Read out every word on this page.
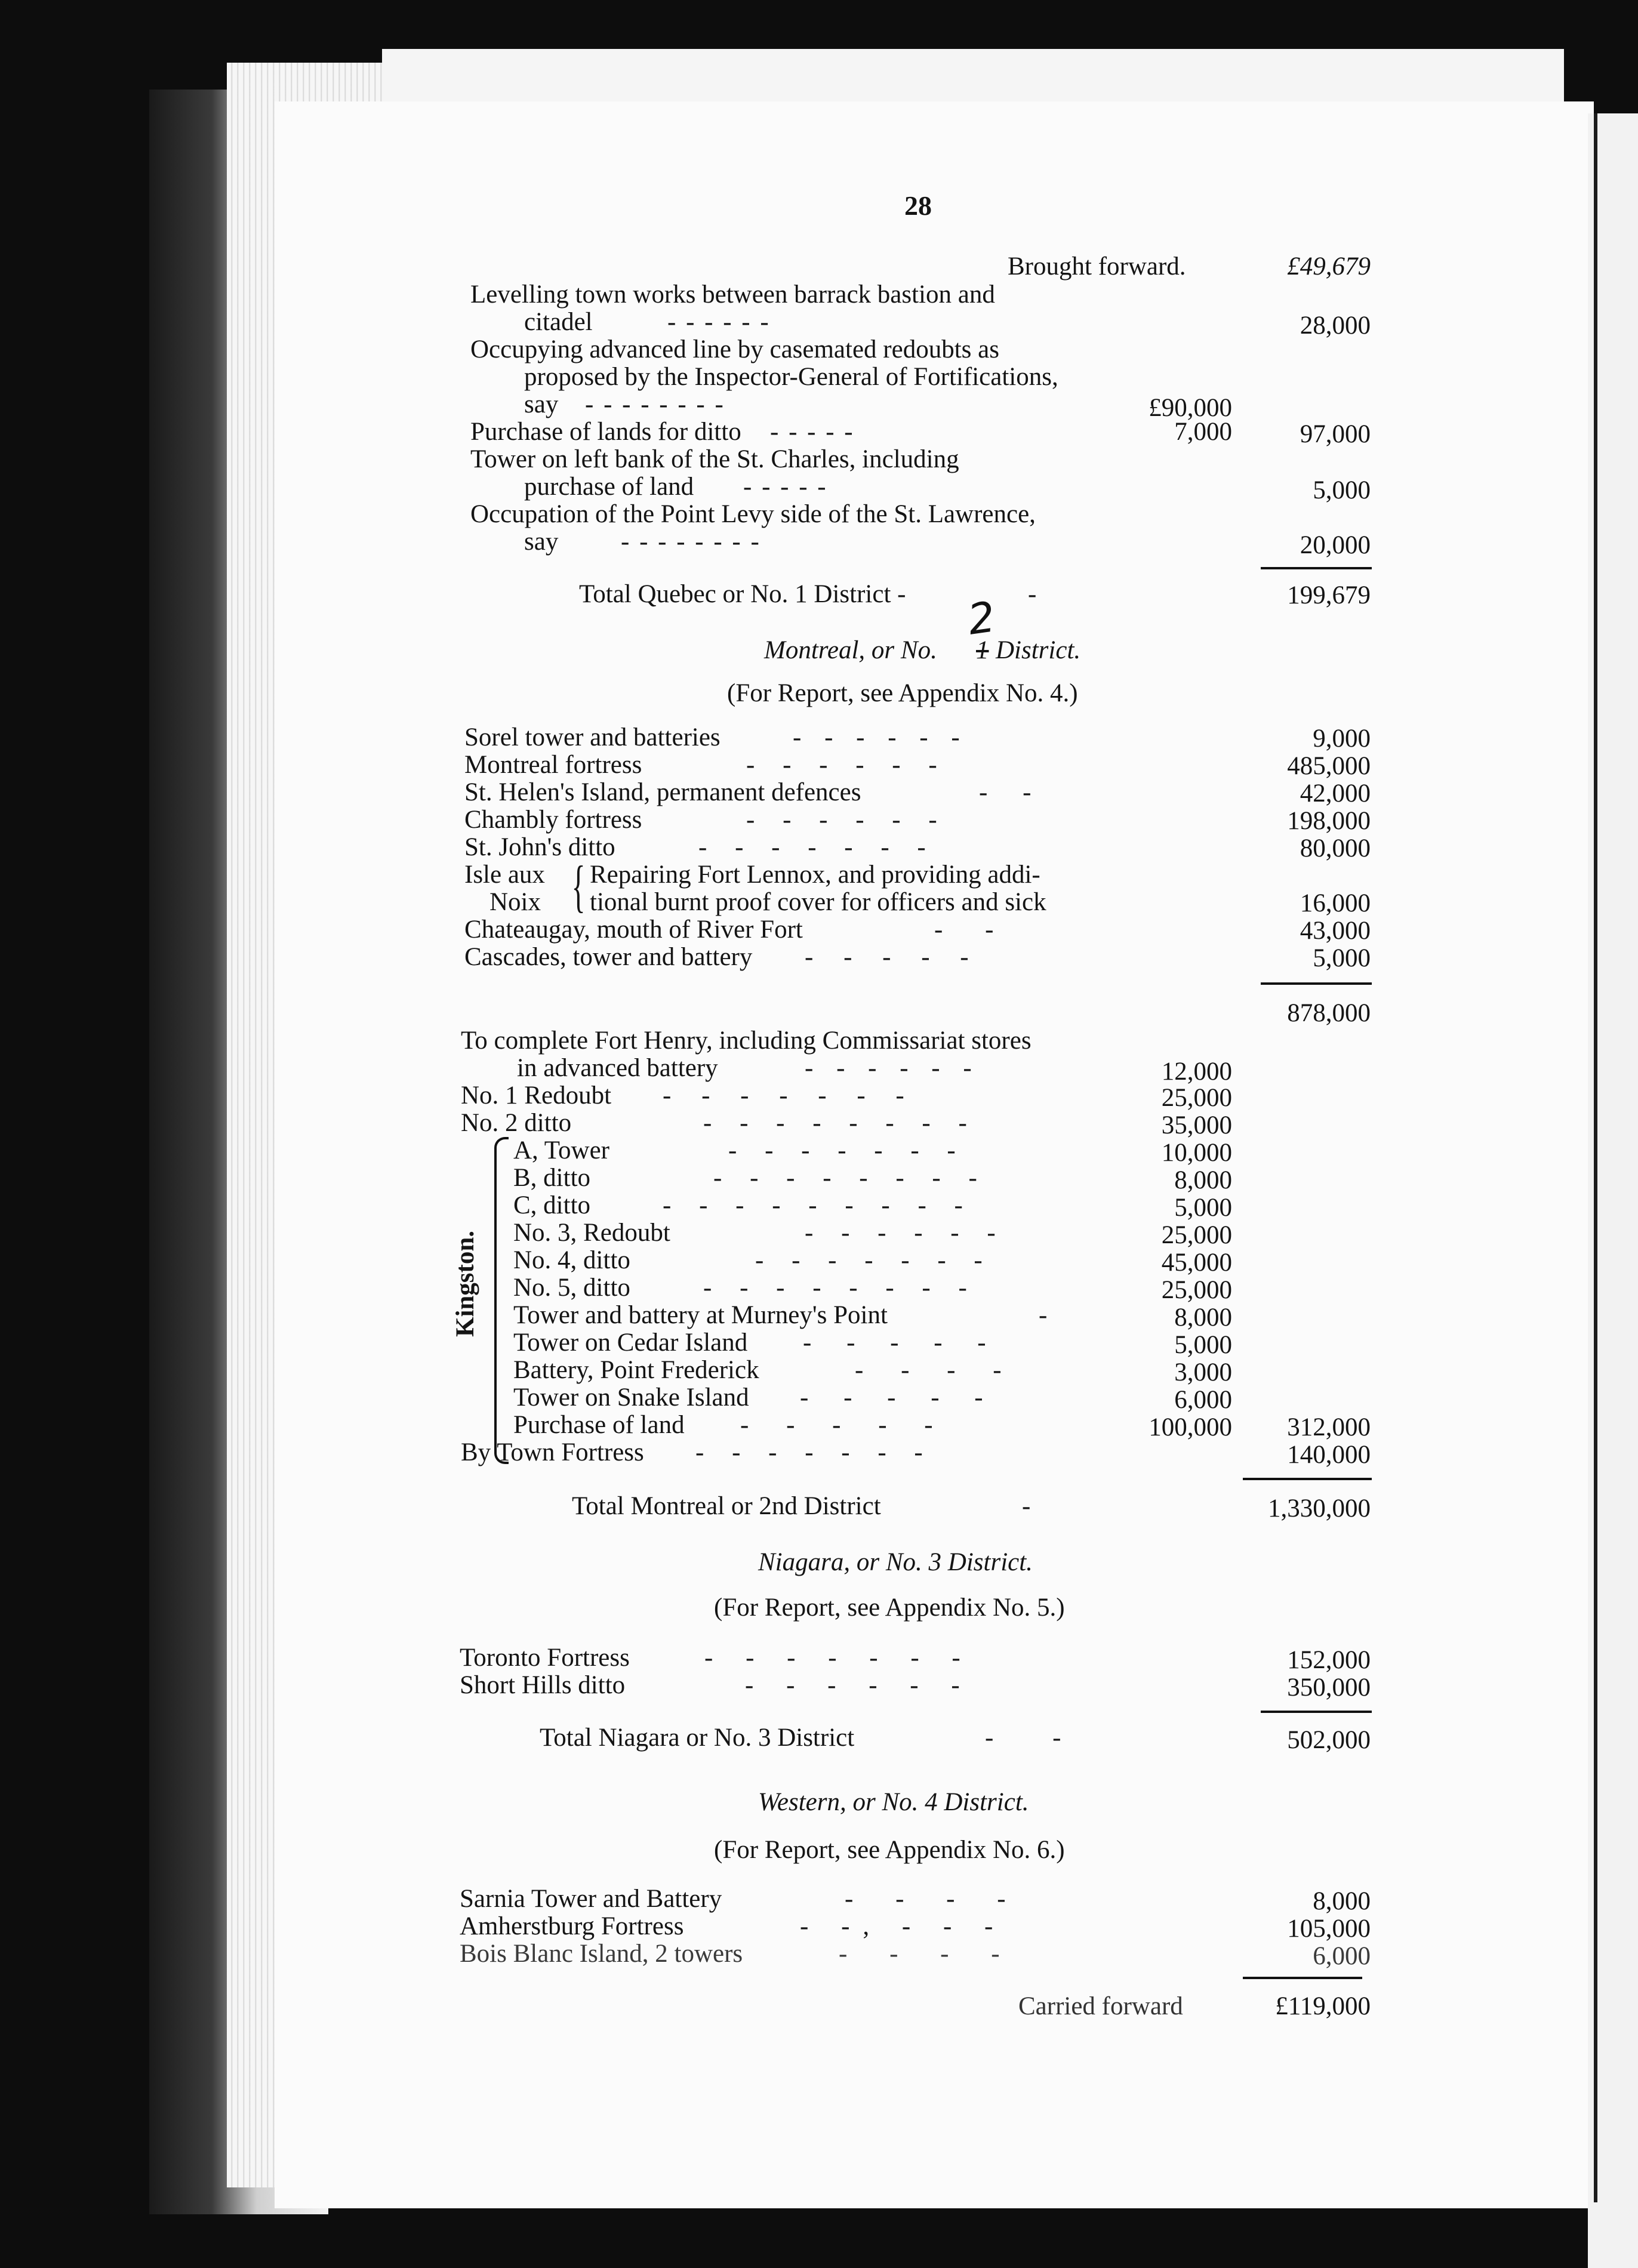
28
Brought forward.	£49,679
Levelling town works between barrack bastion and
citadel	- - - - - -	28,000
Occupying advanced line by casemated redoubts as
proposed by the Inspector-General of Fortifications,
say - - - - - - - -	£90,000
Purchase of lands for ditto - - - - -	7,000	97,000
Tower on left bank of the St. Charles, including
purchase of land - - - - -	5,000
Occupation of the Point Levy side of the St. Lawrence,
say - - - - - - - -	20,000
Total Quebec or No. 1 District -	-	199,679
2
Montreal, or No. 1 District.
(For Report, see Appendix No. 4.)
Sorel tower and batteries	- - - - - -	9,000
Montreal fortress	- - - - - -	485,000
St. Helen's Island, permanent defences	- -	42,000
Chambly fortress	- - - - - -	198,000
St. John's ditto	- - - - - - -	80,000
Isle aux
Noix { Repairing Fort Lennox, and providing addi-
tional burnt proof cover for officers and sick	16,000
Chateaugay, mouth of River Fort	- -	43,000
Cascades, tower and battery - - - - -	5,000
878,000
To complete Fort Henry, including Commissariat stores
in advanced battery	- - - - - -	12,000
No. 1 Redoubt - - - - - - -	25,000
No. 2 ditto	- - - - - - - -	35,000
Kingston.
A, Tower	- - - - - - -	10,000
B, ditto	- - - - - - - -	8,000
C, ditto	- - - - - - - - -	5,000
No. 3, Redoubt	- - - - - -	25,000
No. 4, ditto	- - - - - - -	45,000
No. 5, ditto	- - - - - - - -	25,000
Tower and battery at Murney's Point	-	8,000
Tower on Cedar Island - - - - -	5,000
Battery, Point Frederick	- - - -	3,000
Tower on Snake Island - - - - -	6,000
Purchase of land - - - - -	100,000 312,000
By Town Fortress - - - - - - -	140,000
Total Montreal or 2nd District	-	1,330,000
Niagara, or No. 3 District.
(For Report, see Appendix No. 5.)
Toronto Fortress	- - - - - - -	152,000
Short Hills ditto	- - - - - -	350,000
Total Niagara or No. 3 District	- -	502,000
Western, or No. 4 District.
(For Report, see Appendix No. 6.)
Sarnia Tower and Battery	- - - -	8,000
Amherstburg Fortress	- -, - - -	105,000
Bois Blanc Island, 2 towers	- - - -	6,000
Carried forward	£119,000
